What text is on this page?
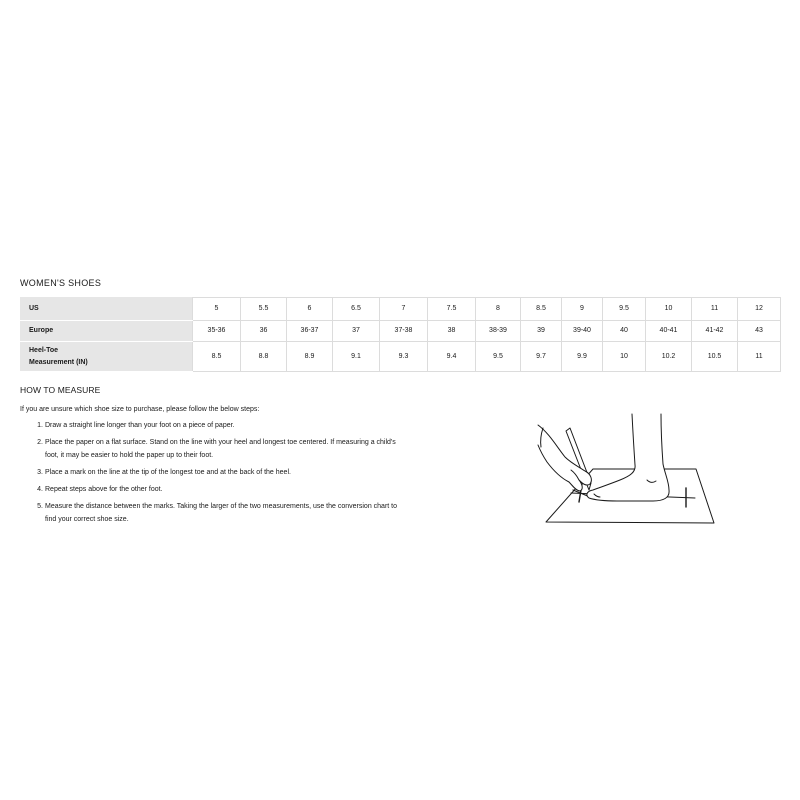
WOMEN'S SHOES
US	5	5.5	6	6.5	7	7.5	8	8.5	9	9.5	10	11	12
Europe	35-36	36	36-37	37	37-38	38	38-39	39	39-40	40	40-41	41-42	43
Heel-Toe
Measurement (IN)	8.5	8.8	8.9	9.1	9.3	9.4	9.5	9.7	9.9	10	10.2	10.5	11
HOW TO MEASURE
If you are unsure which shoe size to purchase, please follow the below steps:
1. Draw a straight line longer than your foot on a piece of paper.
2. Place the paper on a flat surface. Stand on the line with your heel and longest toe centered. If measuring a child's
foot, it may be easier to hold the paper up to their foot.
3. Place a mark on the line at the tip of the longest toe and at the back of the heel.
4. Repeat steps above for the other foot.
5. Measure the distance between the marks. Taking the larger of the two measurements, use the conversion chart to
find your correct shoe size.
